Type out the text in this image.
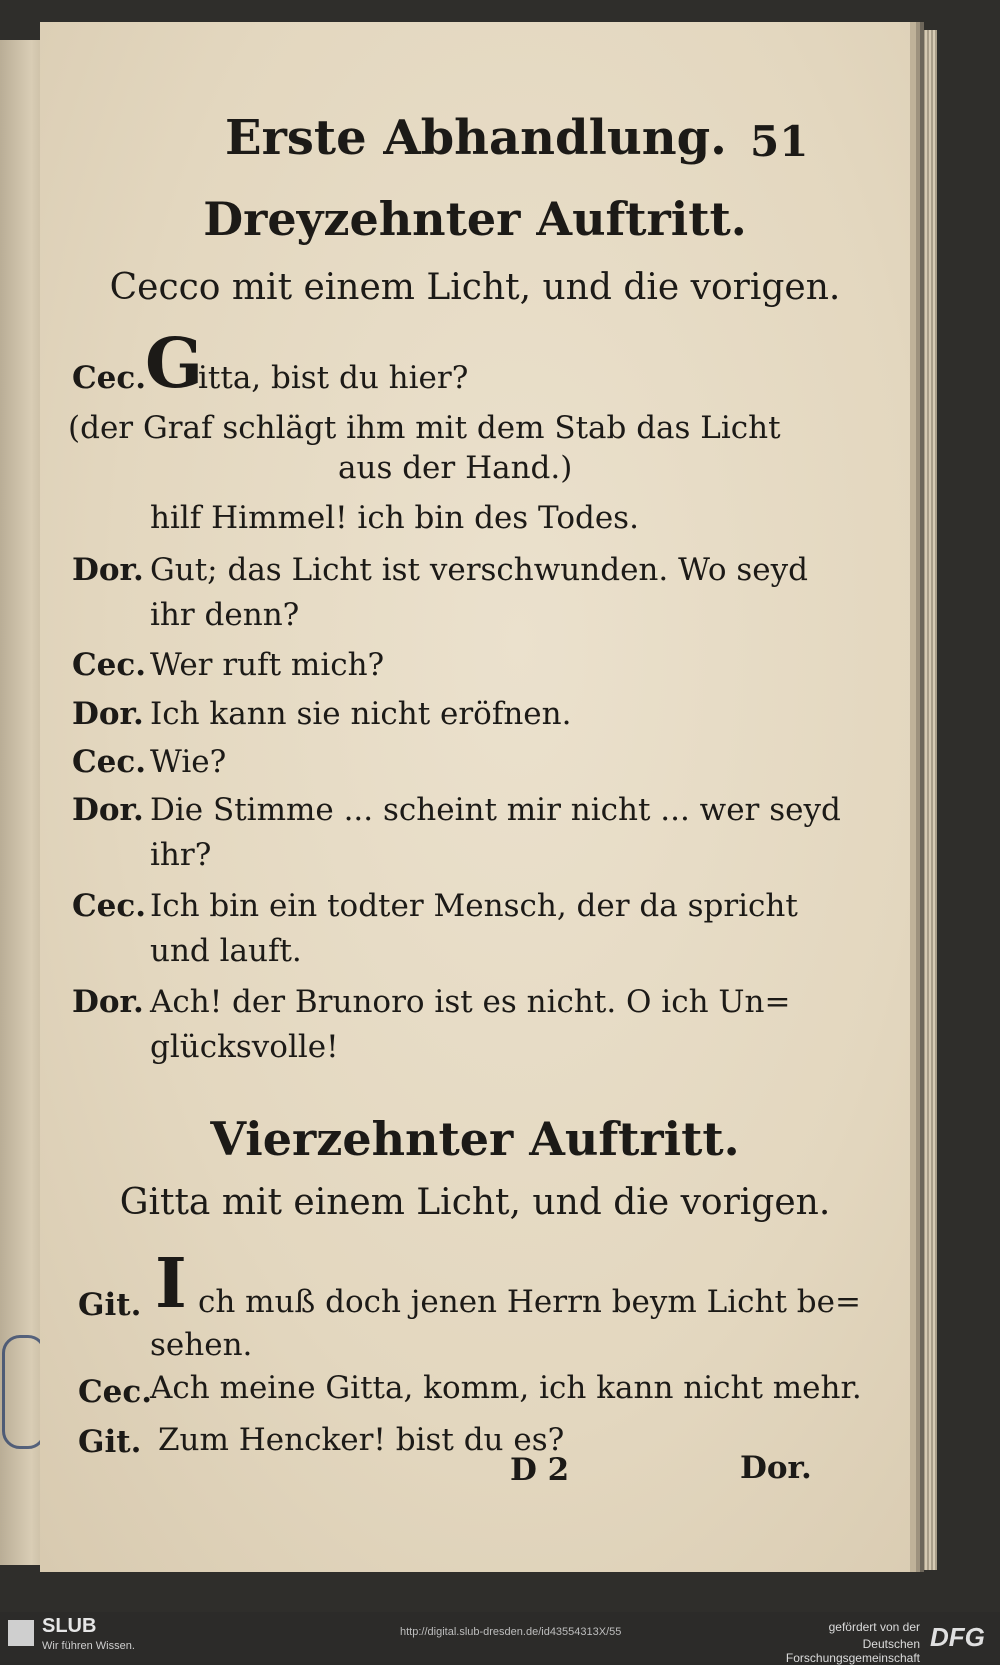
Erste Abhandlung. 51
Dreyzehnter Auftritt.
Cecco mit einem Licht, und die vorigen.
Cec.
G
itta, bist du hier?
(der Graf schlägt ihm mit dem Stab das Licht
aus der Hand.)
hilf Himmel! ich bin des Todes.
Dor. Gut; das Licht ist verschwunden. Wo seyd
ihr denn?
Cec. Wer ruft mich?
Dor. Ich kann sie nicht eröfnen.
Cec. Wie?
Dor. Die Stimme ... scheint mir nicht ... wer seyd
ihr?
Cec. Ich bin ein todter Mensch, der da spricht
und lauft.
Dor. Ach! der Brunoro ist es nicht. O ich Un=
glücksvolle!
Vierzehnter Auftritt.
Gitta mit einem Licht, und die vorigen.
Git. I ch muß doch jenen Herrn beym Licht be=
sehen.
Cec.
Ach meine Gitta, komm, ich kann nicht mehr.
Git. Zum Hencker! bist du es?
D 2	Dor.
SLUB
Wir führen Wissen.
http://digital.slub-dresden.de/id43554313X/55	gefördert von der
Deutschen Forschungsgemeinschaft
DFG
